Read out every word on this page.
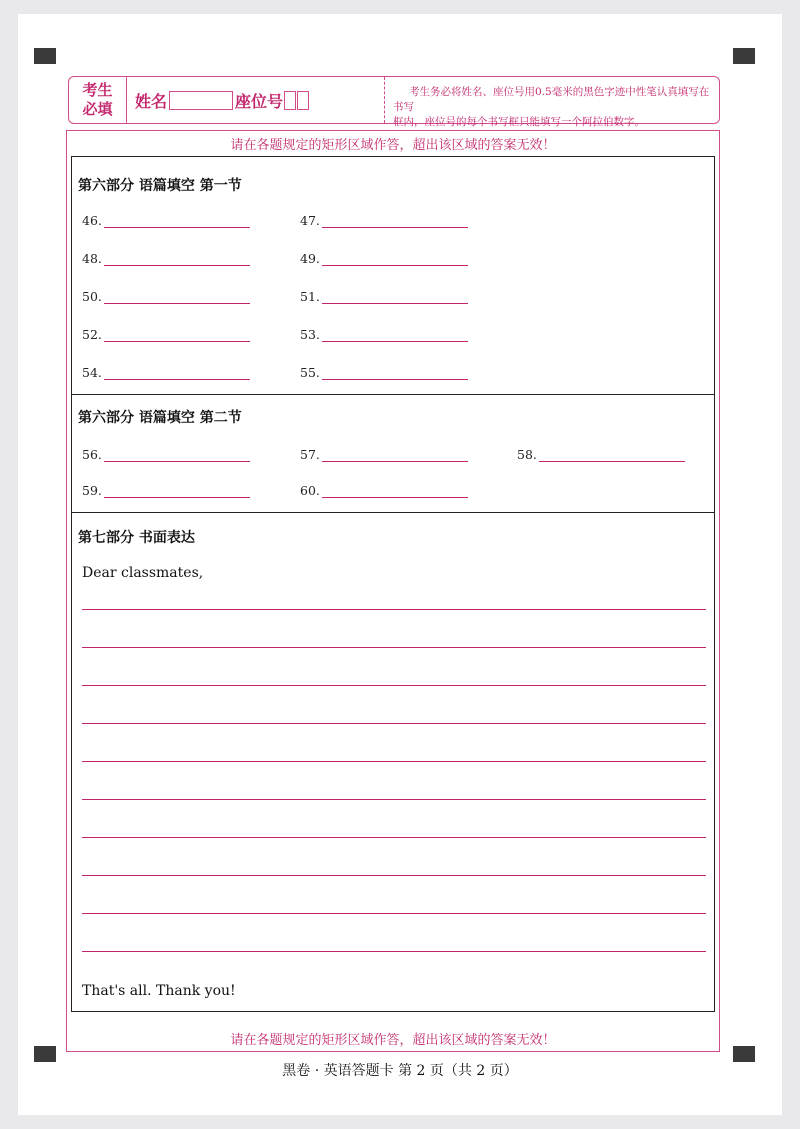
考生
必填 姓名	座位号	考生务必将姓名、座位号用0.5毫米的黑色字迹中性笔认真填写在书写
框内，座位号的每个书写框只能填写一个阿拉伯数字。
请在各题规定的矩形区域作答，超出该区域的答案无效！
第六部分 语篇填空 第一节
46.	47.
48.	49.
50.	51.
52.	53.
54.	55.
第六部分 语篇填空 第二节
56.	57.	58.
59.	60.
第七部分 书面表达
Dear classmates,
That's all. Thank you!
请在各题规定的矩形区域作答，超出该区域的答案无效！
黑卷 · 英语答题卡 第 2 页（共 2 页）
